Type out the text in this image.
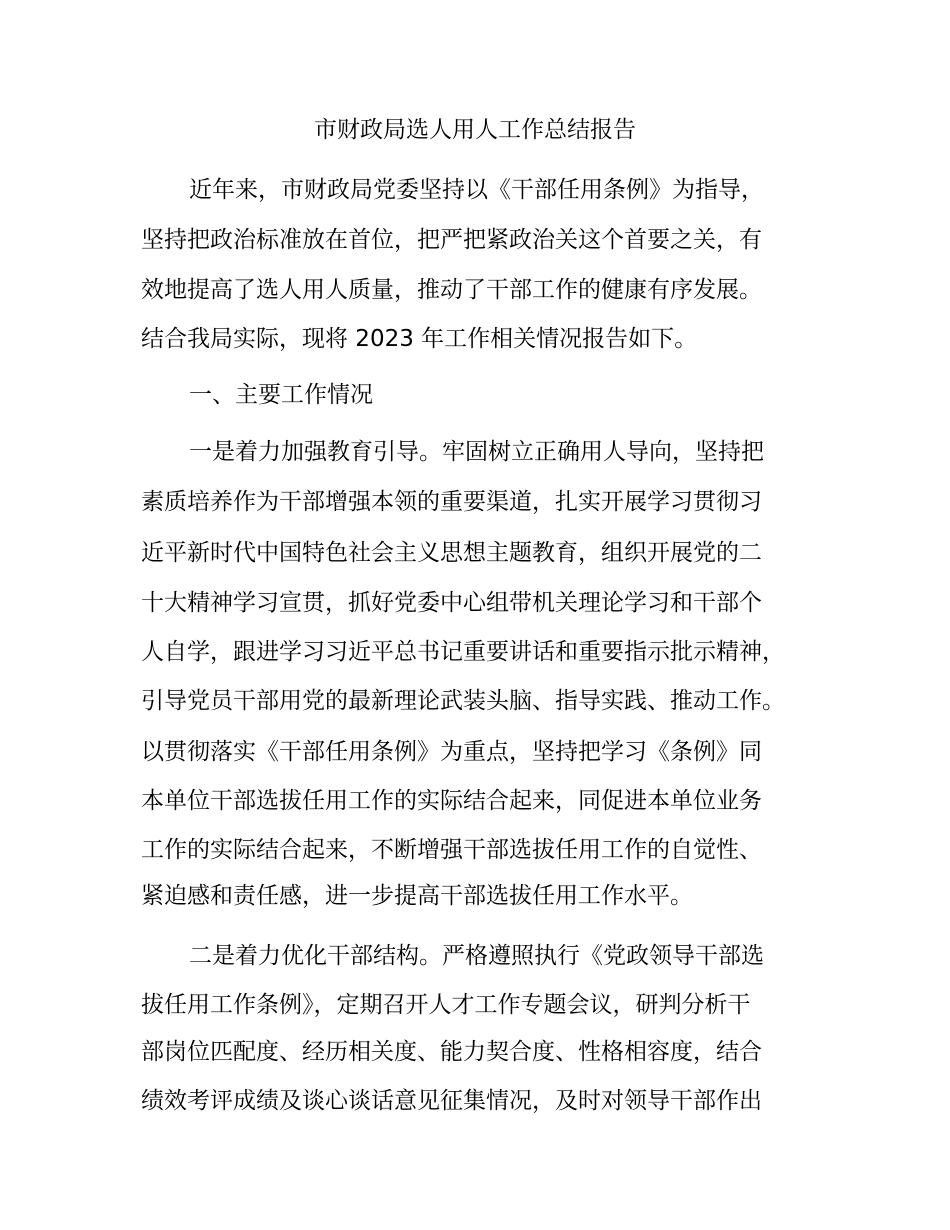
市财政局选人用人工作总结报告
近年来，市财政局党委坚持以《干部任用条例》为指导，
坚持把政治标准放在首位，把严把紧政治关这个首要之关，有
效地提高了选人用人质量，推动了干部工作的健康有序发展。
结合我局实际，现将 2023 年工作相关情况报告如下。
一、主要工作情况
一是着力加强教育引导。牢固树立正确用人导向，坚持把
素质培养作为干部增强本领的重要渠道，扎实开展学习贯彻习
近平新时代中国特色社会主义思想主题教育，组织开展党的二
十大精神学习宣贯，抓好党委中心组带机关理论学习和干部个
人自学，跟进学习习近平总书记重要讲话和重要指示批示精神，
引导党员干部用党的最新理论武装头脑、指导实践、推动工作。
以贯彻落实《干部任用条例》为重点，坚持把学习《条例》同
本单位干部选拔任用工作的实际结合起来，同促进本单位业务
工作的实际结合起来，不断增强干部选拔任用工作的自觉性、
紧迫感和责任感，进一步提高干部选拔任用工作水平。
二是着力优化干部结构。严格遵照执行《党政领导干部选
拔任用工作条例》，定期召开人才工作专题会议，研判分析干
部岗位匹配度、经历相关度、能力契合度、性格相容度，结合
绩效考评成绩及谈心谈话意见征集情况，及时对领导干部作出
